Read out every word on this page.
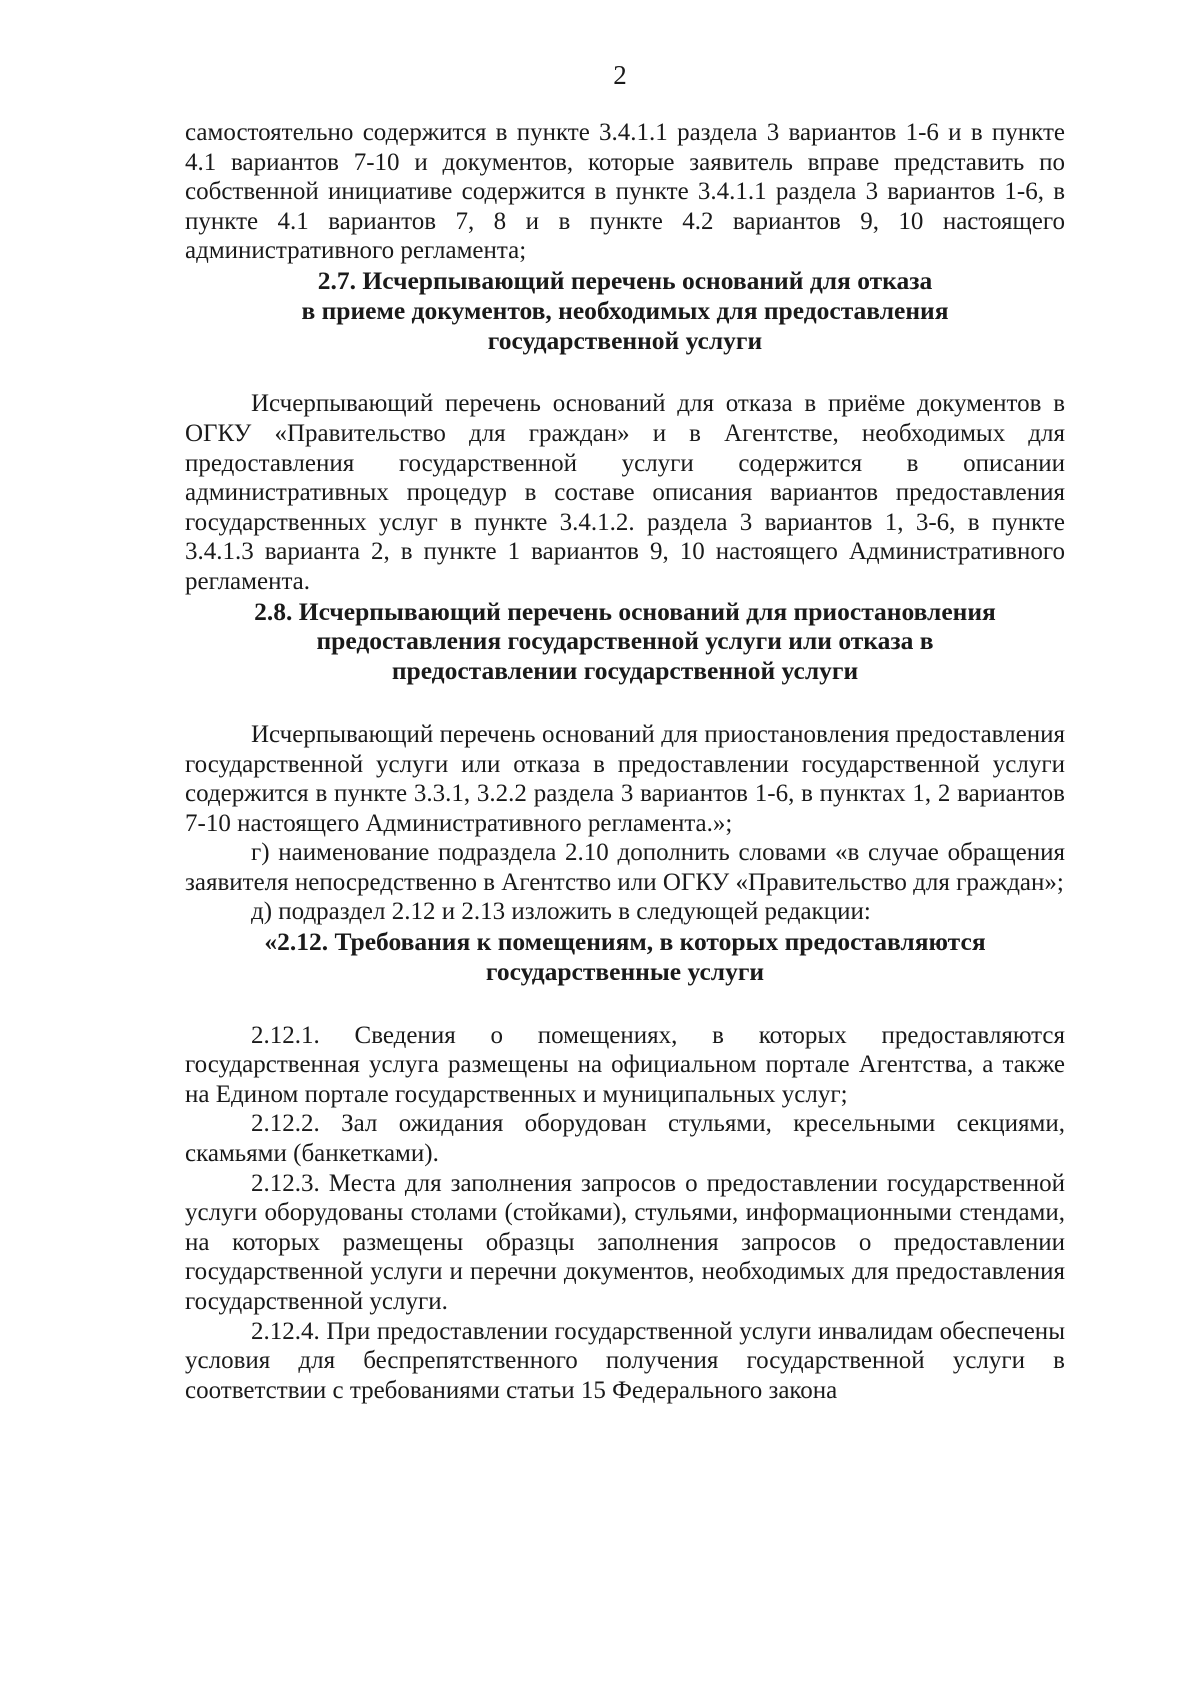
2

самостоятельно содержится в пункте 3.4.1.1 раздела 3 вариантов 1-6 и в пункте 4.1 вариантов 7-10 и документов, которые заявитель вправе представить по собственной инициативе содержится в пункте 3.4.1.1 раздела 3 вариантов 1-6, в пункте 4.1 вариантов 7, 8 и в пункте 4.2 вариантов 9, 10 настоящего административного регламента;

2.7. Исчерпывающий перечень оснований для отказа
в приеме документов, необходимых для предоставления
государственной услуги

Исчерпывающий перечень оснований для отказа в приёме документов в ОГКУ «Правительство для граждан» и в Агентстве, необходимых для предоставления государственной услуги содержится в описании административных процедур в составе описания вариантов предоставления государственных услуг в пункте 3.4.1.2. раздела 3 вариантов 1, 3-6, в пункте 3.4.1.3 варианта 2, в пункте 1 вариантов 9, 10 настоящего Административного регламента.

2.8. Исчерпывающий перечень оснований для приостановления
предоставления государственной услуги или отказа в
предоставлении государственной услуги

Исчерпывающий перечень оснований для приостановления предоставления государственной услуги или отказа в предоставлении государственной услуги содержится в пункте 3.3.1, 3.2.2 раздела 3 вариантов 1-6, в пунктах 1, 2 вариантов 7-10 настоящего Административного регламента.»;

г) наименование подраздела 2.10 дополнить словами «в случае обращения заявителя непосредственно в Агентство или ОГКУ «Правительство для граждан»;

д) подраздел 2.12 и 2.13 изложить в следующей редакции:

«2.12. Требования к помещениям, в которых предоставляются
государственные услуги

2.12.1. Сведения о помещениях, в которых предоставляются государственная услуга размещены на официальном портале Агентства, а также на Едином портале государственных и муниципальных услуг;

2.12.2. Зал ожидания оборудован стульями, кресельными секциями, скамьями (банкетками).

2.12.3. Места для заполнения запросов о предоставлении государственной услуги оборудованы столами (стойками), стульями, информационными стендами, на которых размещены образцы заполнения запросов о предоставлении государственной услуги и перечни документов, необходимых для предоставления государственной услуги.

2.12.4. При предоставлении государственной услуги инвалидам обеспечены условия для беспрепятственного получения государственной услуги в соответствии с требованиями статьи 15 Федерального закона
